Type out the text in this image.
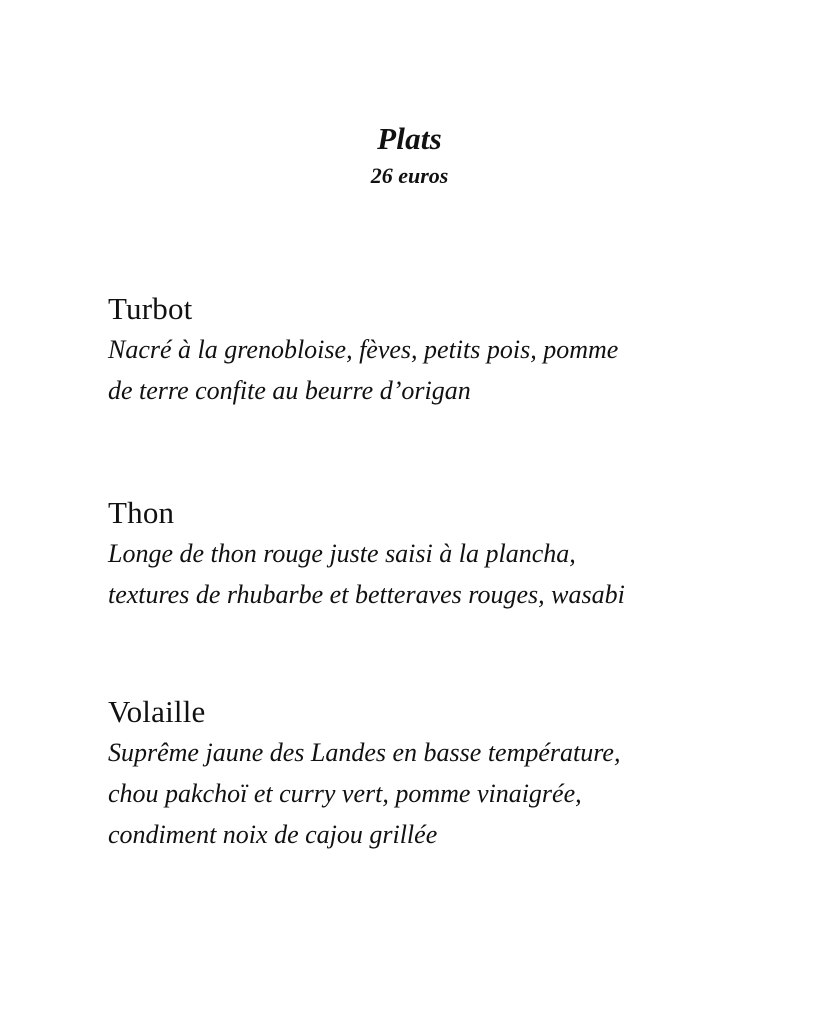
Plats
26 euros
Turbot
Nacré à la grenobloise, fèves, petits pois, pomme
de terre confite au beurre d’origan
Thon
Longe de thon rouge juste saisi à la plancha,
textures de rhubarbe et betteraves rouges, wasabi
Volaille
Suprême jaune des Landes en basse température,
chou pakchoï et curry vert, pomme vinaigrée,
condiment noix de cajou grillée
